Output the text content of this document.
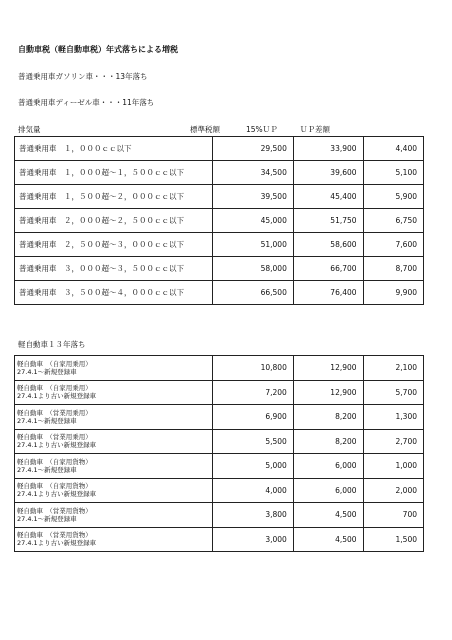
自動車税（軽自動車税）年式落ちによる増税
普通乗用車ガソリン車・・・13年落ち
普通乗用車ディーゼル車・・・11年落ち
排気量	標準税額	15%ＵＰ	ＵＰ差額
普通乗用車　１，０００ｃｃ以下	29,500	33,900	4,400
普通乗用車　１，０００超～１，５００ｃｃ以下	34,500	39,600	5,100
普通乗用車　１，５００超～２，０００ｃｃ以下	39,500	45,400	5,900
普通乗用車　２，０００超～２，５００ｃｃ以下	45,000	51,750	6,750
普通乗用車　２，５００超～３，０００ｃｃ以下	51,000	58,600	7,600
普通乗用車　３，０００超～３，５００ｃｃ以下	58,000	66,700	8,700
普通乗用車　３，５００超～４，０００ｃｃ以下	66,500	76,400	9,900
軽自動車１３年落ち
軽自動車　（自家用乗用）
27.4.1～新規登録車	10,800	12,900	2,100

軽自動車　（自家用乗用）
27.4.1より古い新規登録車	7,200	12,900	5,700

軽自動車　（営業用乗用）
27.4.1～新規登録車	6,900	8,200	1,300

軽自動車　（営業用乗用）
27.4.1より古い新規登録車	5,500	8,200	2,700

軽自動車　（自家用貨物）
27.4.1～新規登録車	5,000	6,000	1,000

軽自動車　（自家用貨物）
27.4.1より古い新規登録車	4,000	6,000	2,000

軽自動車　（営業用貨物）
27.4.1～新規登録車	3,800	4,500	700

軽自動車　（営業用貨物）
27.4.1より古い新規登録車	3,000	4,500	1,500
